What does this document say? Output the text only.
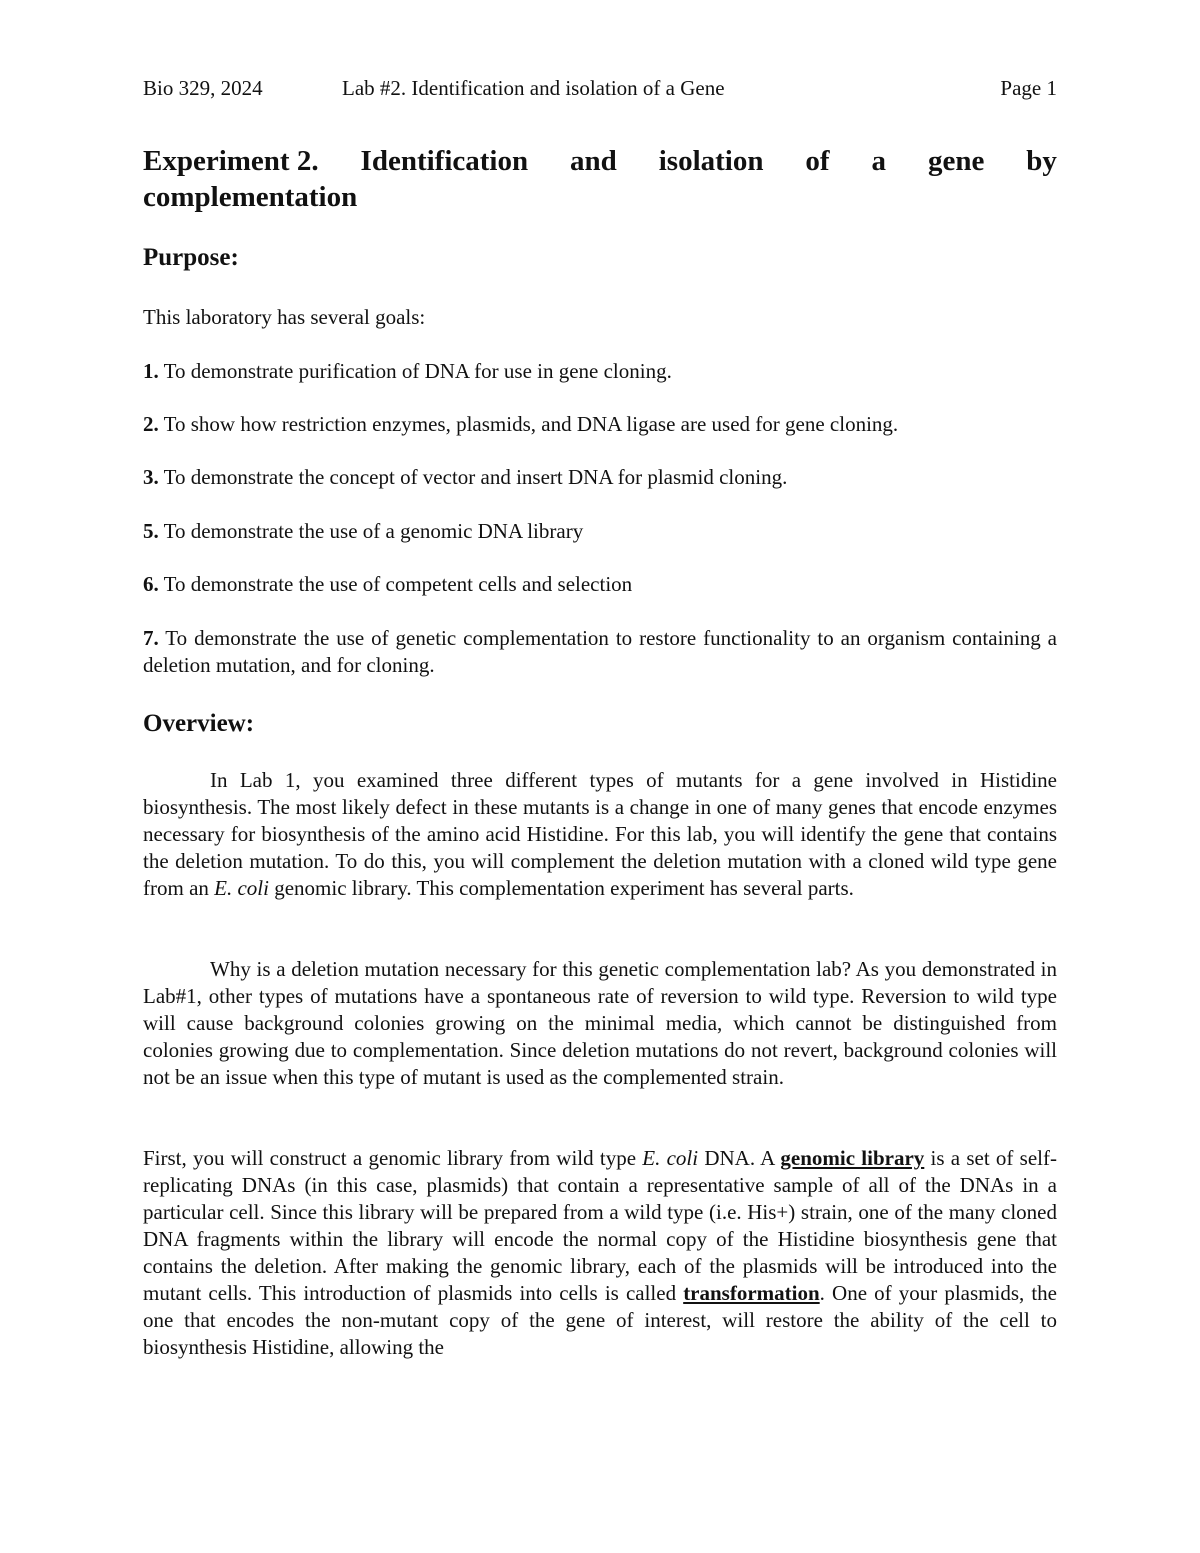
Bio 329, 2024	Lab #2. Identification and isolation of a Gene	Page 1
Experiment 2. Identification and isolation of a gene by
complementation
Purpose:

This laboratory has several goals:

1. To demonstrate purification of DNA for use in gene cloning.

2. To show how restriction enzymes, plasmids, and DNA ligase are used for gene cloning.

3. To demonstrate the concept of vector and insert DNA for plasmid cloning.

5. To demonstrate the use of a genomic DNA library

6. To demonstrate the use of competent cells and selection

7. To demonstrate the use of genetic complementation to restore functionality to an organism containing a deletion mutation, and for cloning.

Overview:

In Lab 1, you examined three different types of mutants for a gene involved in Histidine biosynthesis. The most likely defect in these mutants is a change in one of many genes that encode enzymes necessary for biosynthesis of the amino acid Histidine. For this lab, you will identify the gene that contains the deletion mutation. To do this, you will complement the deletion mutation with a cloned wild type gene from an E. coli genomic library. This complementation experiment has several parts.

Why is a deletion mutation necessary for this genetic complementation lab? As you demonstrated in Lab#1, other types of mutations have a spontaneous rate of reversion to wild type. Reversion to wild type will cause background colonies growing on the minimal media, which cannot be distinguished from colonies growing due to complementation. Since deletion mutations do not revert, background colonies will not be an issue when this type of mutant is used as the complemented strain.

First, you will construct a genomic library from wild type E. coli DNA. A genomic library is a set of self-replicating DNAs (in this case, plasmids) that contain a representative sample of all of the DNAs in a particular cell. Since this library will be prepared from a wild type (i.e. His+) strain, one of the many cloned DNA fragments within the library will encode the normal copy of the Histidine biosynthesis gene that contains the deletion. After making the genomic library, each of the plasmids will be introduced into the mutant cells. This introduction of plasmids into cells is called transformation. One of your plasmids, the one that encodes the non-mutant copy of the gene of interest, will restore the ability of the cell to biosynthesis Histidine, allowing the
